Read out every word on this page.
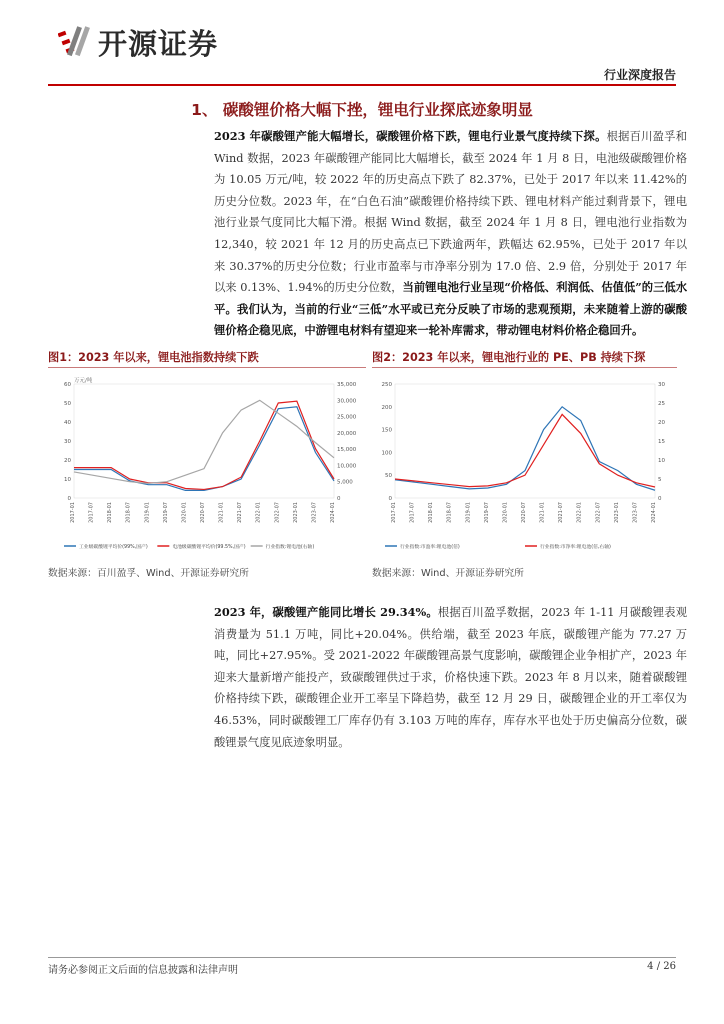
开源证券
行业深度报告
1、 碳酸锂价格大幅下挫，锂电行业探底迹象明显
2023 年碳酸锂产能大幅增长，碳酸锂价格下跌，锂电行业景气度持续下探。根据百川盈孚和 Wind 数据，2023 年碳酸锂产能同比大幅增长，截至 2024 年 1 月 8 日，电池级碳酸锂价格为 10.05 万元/吨，较 2022 年的历史高点下跌了 82.37%，已处于 2017 年以来 11.42%的历史分位数。2023 年，在“白色石油”碳酸锂价格持续下跌、锂电材料产能过剩背景下，锂电池行业景气度同比大幅下滑。根据 Wind 数据，截至 2024 年 1 月 8 日，锂电池行业指数为 12,340，较 2021 年 12 月的历史高点已下跌逾两年，跌幅达 62.95%，已处于 2017 年以来 30.37%的历史分位数；行业市盈率与市净率分别为 17.0 倍、2.9 倍，分别处于 2017 年以来 0.13%、1.94%的历史分位数，当前锂电池行业呈现“价格低、利润低、估值低”的三低水平。我们认为，当前的行业“三低”水平或已充分反映了市场的悲观预期，未来随着上游的碳酸锂价格企稳见底，中游锂电材料有望迎来一轮补库需求，带动锂电材料价格企稳回升。
图1：2023 年以来，锂电池指数持续下跌
万元/吨
0
10
20
30
40
50
60
0
5,000
10,000
15,000
20,000
25,000
30,000
35,000
2017-01	2017-07	2018-01	2018-07	2019-01	2019-07	2020-01	2020-07	2021-01	2021-07	2022-01	2022-07	2023-01	2023-07	2024-01
工业级碳酸锂平均价(99%,国产)	电池级碳酸锂平均价(99.5%,国产)	行业指数:锂电池(右轴)
数据来源：百川盈孚、Wind、开源证券研究所
图2：2023 年以来，锂电池行业的 PE、PB 持续下探
0
50
100
150
200
250
0
5
10
15
20
25
30
2017-01	2017-07	2018-01	2018-07	2019-01	2019-07	2020-01	2020-07	2021-01	2021-07	2022-01	2022-07	2023-01	2023-07	2024-01
行业指数:市盈率:锂电池(倍)	行业指数:市净率:锂电池(倍,右轴)
数据来源：Wind、开源证券研究所
2023 年，碳酸锂产能同比增长 29.34%。根据百川盈孚数据，2023 年 1-11 月碳酸锂表观消费量为 51.1 万吨，同比+20.04%。供给端，截至 2023 年底，碳酸锂产能为 77.27 万吨，同比+27.95%。受 2021-2022 年碳酸锂高景气度影响，碳酸锂企业争相扩产，2023 年迎来大量新增产能投产，致碳酸锂供过于求，价格快速下跌。2023 年 8 月以来，随着碳酸锂价格持续下跌，碳酸锂企业开工率呈下降趋势，截至 12 月 29 日，碳酸锂企业的开工率仅为 46.53%，同时碳酸锂工厂库存仍有 3.103 万吨的库存，库存水平也处于历史偏高分位数，碳酸锂景气度见底迹象明显。
请务必参阅正文后面的信息披露和法律声明	4 / 26
